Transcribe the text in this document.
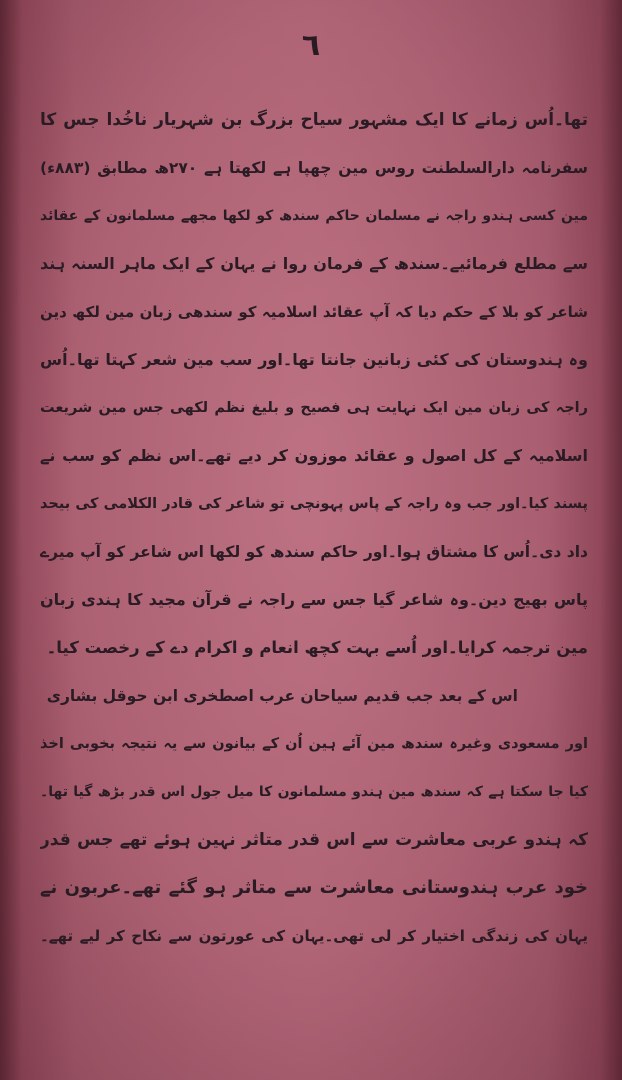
٦
تھا۔اُس زمانے کا ایک مشہور سیاح بزرگ بن شہریار ناخُدا جس کا
سفرنامہ دارالسلطنت روس مین چھپا ہے لکھتا ہے ۲۷۰ھ مطابق (۸۸۳ء)
مین کسی ہندو راجہ نے مسلمان حاکم سندھ کو لکھا مجھے مسلمانون کے عقائد
سے مطلع فرمائیے۔سندھ کے فرمان روا نے یہان کے ایک ماہر السنہ ہند
شاعر کو بلا کے حکم دیا کہ آپ عقائد اسلامیہ کو سندھی زبان مین لکھ دین
وہ ہندوستان کی کئی زبانین جانتا تھا۔اور سب مین شعر کہتا تھا۔اُس
راجہ کی زبان مین ایک نہایت ہی فصیح و بلیغ نظم لکھی جس مین شریعت
اسلامیہ کے کل اصول و عقائد موزون کر دیے تھے۔اس نظم کو سب نے
پسند کیا۔اور جب وہ راجہ کے پاس پہونچی تو شاعر کی قادر الکلامی کی بیحد
داد دی۔اُس کا مشتاق ہوا۔اور حاکم سندھ کو لکھا اس شاعر کو آپ میرے
پاس بھیج دین۔وہ شاعر گیا جس سے راجہ نے قرآن مجید کا ہندی زبان
مین ترجمہ کرایا۔اور اُسے بہت کچھ انعام و اکرام دے کے رخصت کیا۔
اس کے بعد جب قدیم سیاحان عرب اصطخری ابن حوقل بشاری
اور مسعودی وغیرہ سندھ مین آئے ہین اُن کے بیانون سے یہ نتیجہ بخوبی اخذ
کیا جا سکتا ہے کہ سندھ مین ہندو مسلمانون کا میل جول اس قدر بڑھ گیا تھا۔
کہ ہندو عربی معاشرت سے اس قدر متاثر نہین ہوئے تھے جس قدر
خود عرب ہندوستانی معاشرت سے متاثر ہو گئے تھے۔عربون نے
یہان کی زندگی اختیار کر لی تھی۔یہان کی عورتون سے نکاح کر لیے تھے۔
